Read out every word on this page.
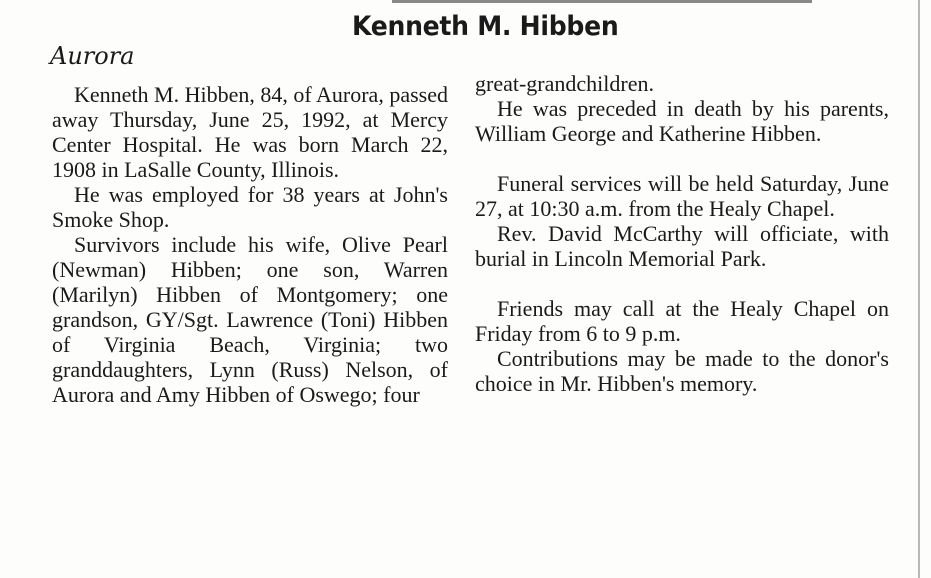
Kenneth M. Hibben
Aurora

Kenneth M. Hibben, 84, of Aurora, passed away Thursday, June 25, 1992, at Mercy Center Hospital. He was born March 22, 1908 in LaSalle County, Illinois.

He was employed for 38 years at John's Smoke Shop.

Survivors include his wife, Olive Pearl (Newman) Hibben; one son, Warren (Marilyn) Hibben of Montgomery; one grandson, GY/Sgt. Lawrence (Toni) Hibben of Virginia Beach, Virginia; two granddaughters, Lynn (Russ) Nelson, of Aurora and Amy Hibben of Oswego; four

great-grandchildren.

He was preceded in death by his parents, William George and Katherine Hibben.

Funeral services will be held Saturday, June 27, at 10:30 a.m. from the Healy Chapel.

Rev. David McCarthy will officiate, with burial in Lincoln Memorial Park.

Friends may call at the Healy Chapel on Friday from 6 to 9 p.m.

Contributions may be made to the donor's choice in Mr. Hibben's memory.
